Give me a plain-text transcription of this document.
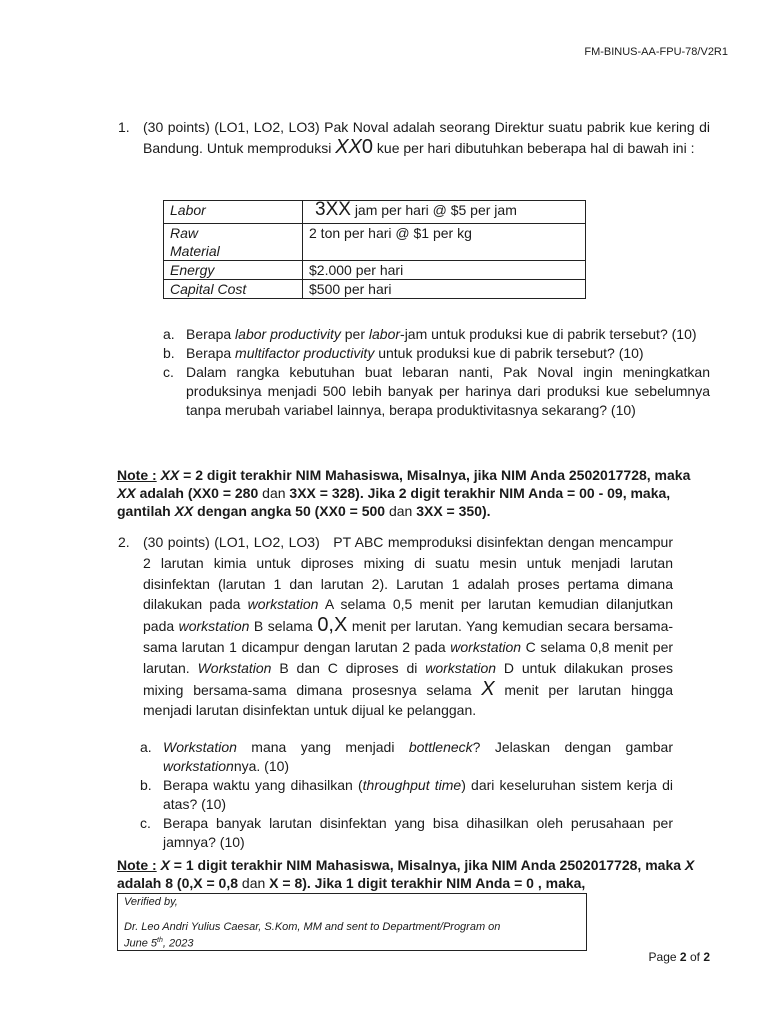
FM-BINUS-AA-FPU-78/V2R1
1. (30 points) (LO1, LO2, LO3) Pak Noval adalah seorang Direktur suatu pabrik kue kering di Bandung. Untuk memproduksi XX0 kue per hari dibutuhkan beberapa hal di bawah ini :
Labor	3XX jam per hari @ $5 per jam

Raw Material	2 ton per hari @ $1 per kg
Energy	$2.000 per hari
Capital Cost	$500 per hari
a. Berapa labor productivity per labor-jam untuk produksi kue di pabrik tersebut? (10)
b. Berapa multifactor productivity untuk produksi kue di pabrik tersebut? (10)
c. Dalam rangka kebutuhan buat lebaran nanti, Pak Noval ingin meningkatkan produksinya menjadi 500 lebih banyak per harinya dari produksi kue sebelumnya tanpa merubah variabel lainnya, berapa produktivitasnya sekarang? (10)
Note : XX = 2 digit terakhir NIM Mahasiswa, Misalnya, jika NIM Anda 2502017728, maka XX adalah (XX0 = 280 dan 3XX = 328). Jika 2 digit terakhir NIM Anda = 00 - 09, maka, gantilah XX dengan angka 50 (XX0 = 500 dan 3XX = 350).
2. (30 points) (LO1, LO2, LO3) PT ABC memproduksi disinfektan dengan mencampur 2 larutan kimia untuk diproses mixing di suatu mesin untuk menjadi larutan disinfektan (larutan 1 dan larutan 2). Larutan 1 adalah proses pertama dimana dilakukan pada workstation A selama 0,5 menit per larutan kemudian dilanjutkan pada workstation B selama 0,X menit per larutan. Yang kemudian secara bersama-sama larutan 1 dicampur dengan larutan 2 pada workstation C selama 0,8 menit per larutan. Workstation B dan C diproses di workstation D untuk dilakukan proses mixing bersama-sama dimana prosesnya selama X menit per larutan hingga menjadi larutan disinfektan untuk dijual ke pelanggan.
a. Workstation mana yang menjadi bottleneck? Jelaskan dengan gambar workstationnya. (10)
b. Berapa waktu yang dihasilkan (throughput time) dari keseluruhan sistem kerja di atas? (10)
c. Berapa banyak larutan disinfektan yang bisa dihasilkan oleh perusahaan per jamnya? (10)
Note : X = 1 digit terakhir NIM Mahasiswa, Misalnya, jika NIM Anda 2502017728, maka X adalah 8 (0,X = 0,8 dan X = 8). Jika 1 digit terakhir NIM Anda = 0 , maka,
Verified by,
Dr. Leo Andri Yulius Caesar, S.Kom, MM and sent to Department/Program on
June 5th, 2023
Page 2 of 2
